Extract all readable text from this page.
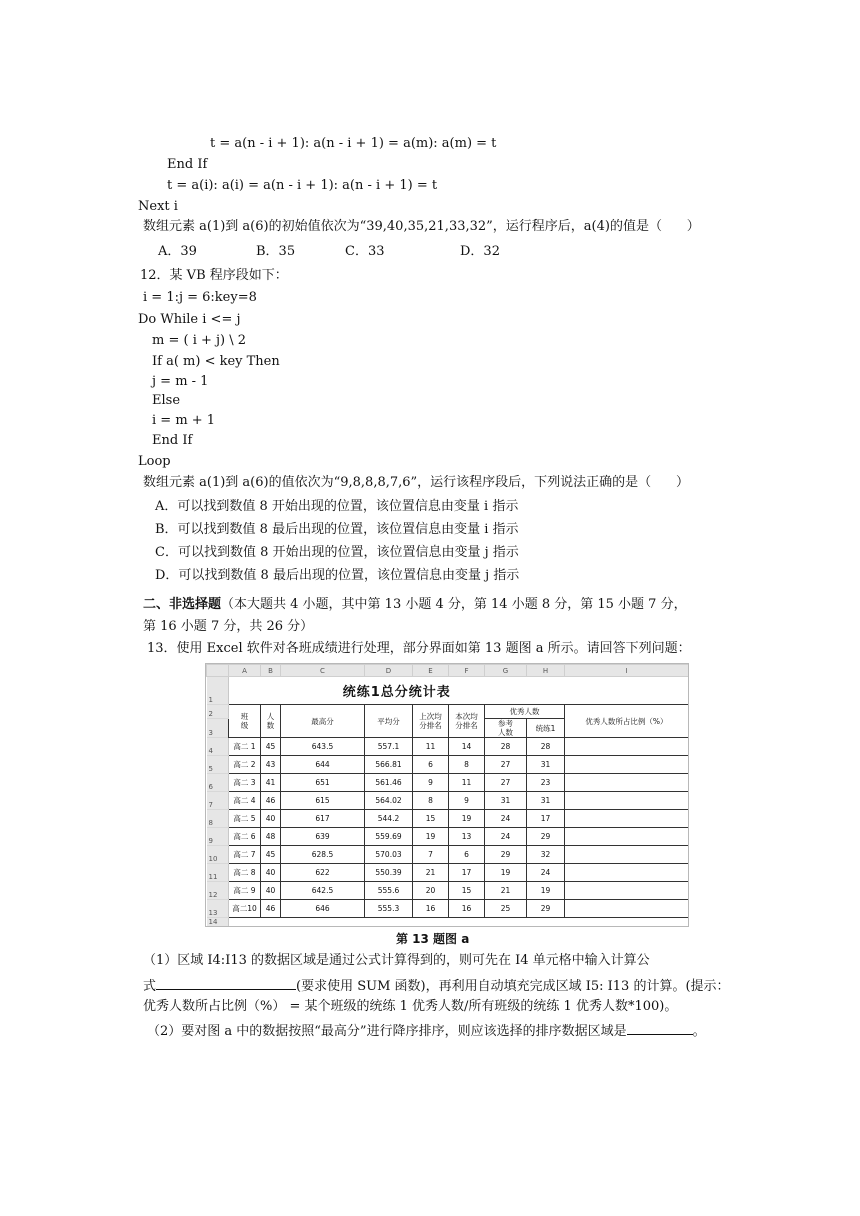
t = a(n - i + 1): a(n - i + 1) = a(m): a(m) = t
End If
t = a(i): a(i) = a(n - i + 1): a(n - i + 1) = t
Next i
数组元素 a(1)到 a(6)的初始值依次为“39,40,35,21,33,32”，运行程序后，a(4)的值是（      ）
A．39	B．35	C．33	D．32
12．某 VB 程序段如下：
i = 1:j = 6:key=8
Do While i <= j
m = ( i + j) \ 2
If a( m) < key Then
j = m - 1
Else
i = m + 1
End If
Loop
数组元素 a(1)到 a(6)的值依次为“9,8,8,8,7,6”，运行该程序段后，下列说法正确的是（      ）
A．可以找到数值 8 开始出现的位置，该位置信息由变量 i 指示
B．可以找到数值 8 最后出现的位置，该位置信息由变量 i 指示
C．可以找到数值 8 开始出现的位置，该位置信息由变量 j 指示
D．可以找到数值 8 最后出现的位置，该位置信息由变量 j 指示
二、非选择题（本大题共 4 小题，其中第 13 小题 4 分，第 14 小题 8 分，第 15 小题 7 分，
第 16 小题 7 分，共 26 分）
13．使用 Excel 软件对各班成绩进行处理，部分界面如第 13 题图 a 所示。请回答下列问题：
	A	B	C	D	E	F	G	H	I
1	统练1总分统计表								
2	班级	人数	最高分	平均分	上次均分排名	本次均分排名	优秀人数		优秀人数所占比例（%）
3							参考人数	统练1	
4	高二 1	45	643.5	557.1	11	14	28	28	
5	高二 2	43	644	566.81	6	8	27	31	
6	高二 3	41	651	561.46	9	11	27	23	
7	高二 4	46	615	564.02	8	9	31	31	
8	高二 5	40	617	544.2	15	19	24	17	
9	高二 6	48	639	559.69	19	13	24	29	
10	高二 7	45	628.5	570.03	7	6	29	32	
11	高二 8	40	622	550.39	21	17	19	24	
12	高二 9	40	642.5	555.6	20	15	21	19	
13	高二10	46	646	555.3	16	16	25	29	
14									
第 13 题图 a
（1）区域 I4:I13 的数据区域是通过公式计算得到的，则可先在 I4 单元格中输入计算公
式	(要求使用 SUM 函数)，再利用自动填充完成区域 I5: I13 的计算。(提示：
优秀人数所占比例（%） = 某个班级的统练 1 优秀人数/所有班级的统练 1 优秀人数*100)。
（2）要对图 a 中的数据按照“最高分”进行降序排序，则应该选择的排序数据区域是	。
